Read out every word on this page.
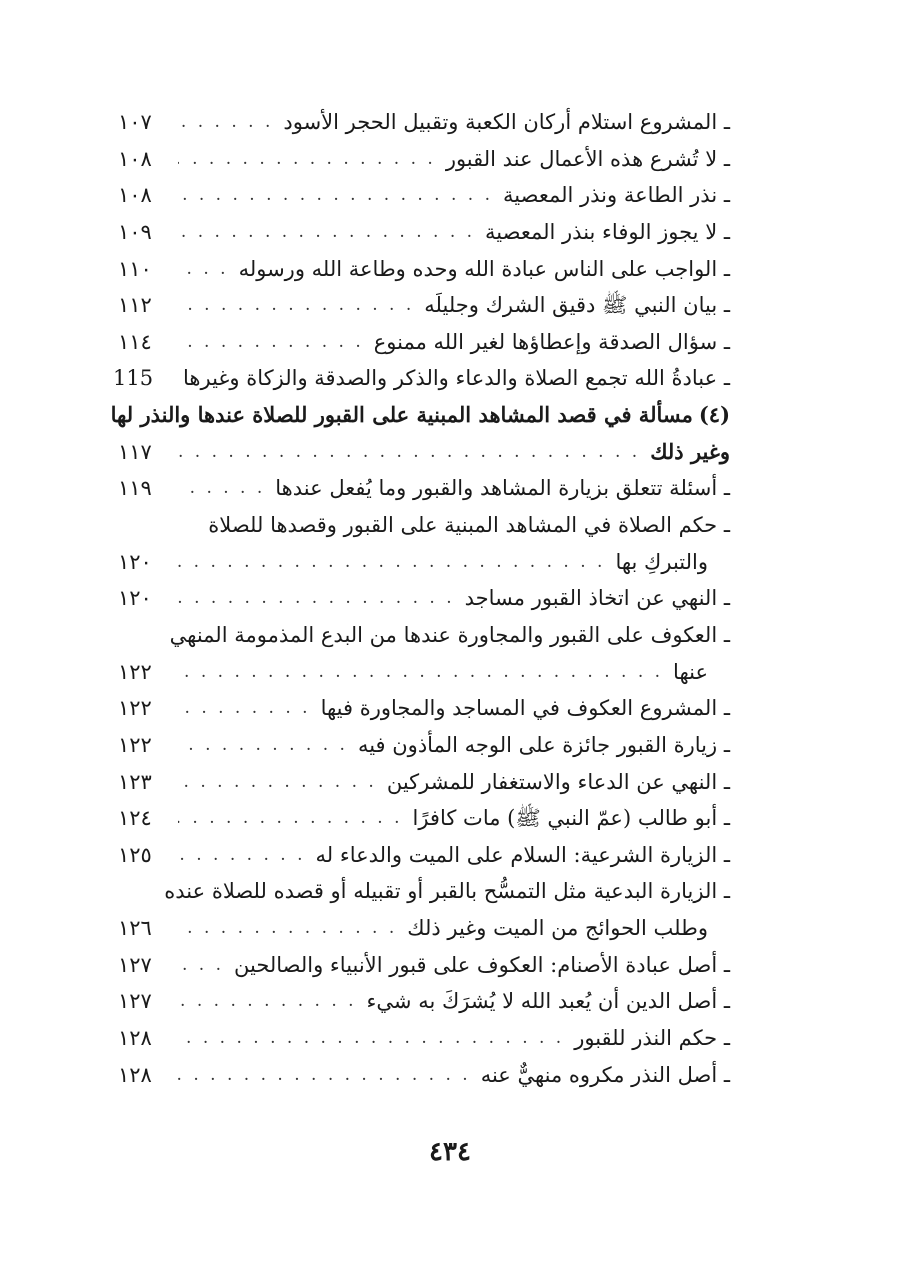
ـ المشروع استلام أركان الكعبة وتقبيل الحجر الأسود
. . .
١٠٧
ـ لا تُشرع هذه الأعمال عند القبور
. . .
١٠٨
ـ نذر الطاعة ونذر المعصية
. . .
١٠٨
ـ لا يجوز الوفاء بنذر المعصية
. . .
١٠٩
ـ الواجب على الناس عبادة الله وحده وطاعة الله ورسوله
. . .
١١٠
ـ بيان النبي ﷺ دقيق الشرك وجليلَه
. . .
١١٢
ـ سؤال الصدقة وإعطاؤها لغير الله ممنوع
. . .
١١٤
ـ عبادةُ الله تجمع الصلاة والدعاء والذكر والصدقة والزكاة وغيرها
115
(٤)
مسألة في قصد المشاهد المبنية على القبور للصلاة عندها والنذر لها
وغير ذلك
. . .
١١٧
ـ أسئلة تتعلق بزيارة المشاهد والقبور وما يُفعل عندها
. . .
١١٩
ـ حكم الصلاة في المشاهد المبنية على القبور وقصدها للصلاة
والتبركِ بها
. . .
١٢٠
ـ النهي عن اتخاذ القبور مساجد
. . .
١٢٠
ـ العكوف على القبور والمجاورة عندها من البدع المذمومة المنهي
عنها
. . .
١٢٢
ـ المشروع العكوف في المساجد والمجاورة فيها
. . .
١٢٢
ـ زيارة القبور جائزة على الوجه المأذون فيه
. . .
١٢٢
ـ النهي عن الدعاء والاستغفار للمشركين
. . .
١٢٣
ـ أبو طالب (عمّ النبي ﷺ) مات كافرًا
. . .
١٢٤
ـ الزيارة الشرعية: السلام على الميت والدعاء له
. . .
١٢٥
ـ الزيارة البدعية مثل التمسُّح بالقبر أو تقبيله أو قصده للصلاة عنده
وطلب الحوائج من الميت وغير ذلك
. . .
١٢٦
ـ أصل عبادة الأصنام: العكوف على قبور الأنبياء والصالحين
. . .
١٢٧
ـ أصل الدين أن يُعبد الله لا يُشرَكَ به شيء
. . .
١٢٧
ـ حكم النذر للقبور
. . .
١٢٨
ـ أصل النذر مكروه منهيٌّ عنه
. . .
١٢٨
٤٣٤
